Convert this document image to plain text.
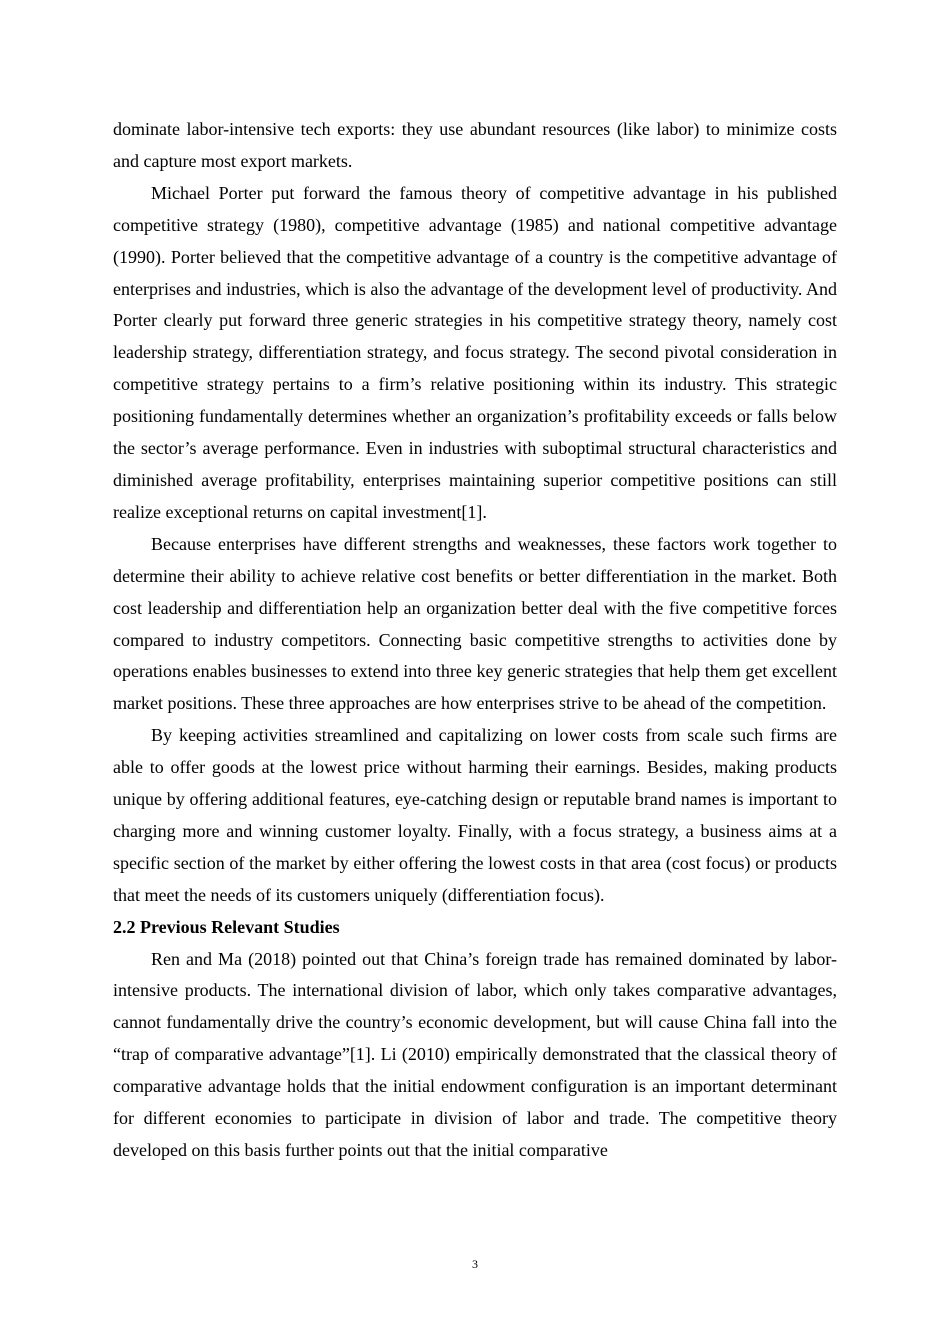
dominate labor-intensive tech exports: they use abundant resources (like labor) to minimize costs and capture most export markets.

Michael Porter put forward the famous theory of competitive advantage in his published competitive strategy (1980), competitive advantage (1985) and national competitive advantage (1990). Porter believed that the competitive advantage of a country is the competitive advantage of enterprises and industries, which is also the advantage of the development level of productivity. And Porter clearly put forward three generic strategies in his competitive strategy theory, namely cost leadership strategy, differentiation strategy, and focus strategy. The second pivotal consideration in competitive strategy pertains to a firm’s relative positioning within its industry. This strategic positioning fundamentally determines whether an organization’s profitability exceeds or falls below the sector’s average performance. Even in industries with suboptimal structural characteristics and diminished average profitability, enterprises maintaining superior competitive positions can still realize exceptional returns on capital investment[1].

Because enterprises have different strengths and weaknesses, these factors work together to determine their ability to achieve relative cost benefits or better differentiation in the market. Both cost leadership and differentiation help an organization better deal with the five competitive forces compared to industry competitors. Connecting basic competitive strengths to activities done by operations enables businesses to extend into three key generic strategies that help them get excellent market positions. These three approaches are how enterprises strive to be ahead of the competition.

By keeping activities streamlined and capitalizing on lower costs from scale such firms are able to offer goods at the lowest price without harming their earnings. Besides, making products unique by offering additional features, eye-catching design or reputable brand names is important to charging more and winning customer loyalty. Finally, with a focus strategy, a business aims at a specific section of the market by either offering the lowest costs in that area (cost focus) or products that meet the needs of its customers uniquely (differentiation focus).

2.2 Previous Relevant Studies

Ren and Ma (2018) pointed out that China’s foreign trade has remained dominated by labor-intensive products. The international division of labor, which only takes comparative advantages, cannot fundamentally drive the country’s economic development, but will cause China fall into the “trap of comparative advantage”[1]. Li (2010) empirically demonstrated that the classical theory of comparative advantage holds that the initial endowment configuration is an important determinant for different economies to participate in division of labor and trade. The competitive theory developed on this basis further points out that the initial comparative

3
